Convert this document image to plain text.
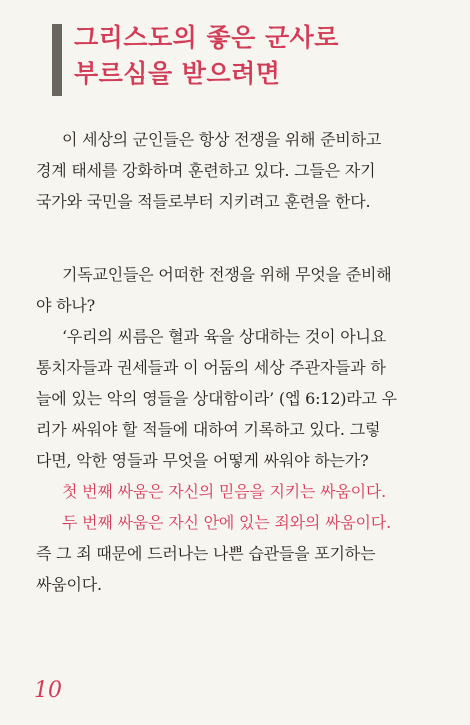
그리스도의 좋은 군사로
부르심을 받으려면
이 세상의 군인들은 항상 전쟁을 위해 준비하고
경계 태세를 강화하며 훈련하고 있다. 그들은 자기
국가와 국민을 적들로부터 지키려고 훈련을 한다.
기독교인들은 어떠한 전쟁을 위해 무엇을 준비해
야 하나?
‘우리의 씨름은 혈과 육을 상대하는 것이 아니요
통치자들과 권세들과 이 어둠의 세상 주관자들과 하
늘에 있는 악의 영들을 상대함이라’ (엡 6:12)라고 우
리가 싸워야 할 적들에 대하여 기록하고 있다. 그렇
다면, 악한 영들과 무엇을 어떻게 싸워야 하는가?
첫 번째 싸움은 자신의 믿음을 지키는 싸움이다.
두 번째 싸움은 자신 안에 있는 죄와의 싸움이다.
즉 그 죄 때문에 드러나는 나쁜 습관들을 포기하는
싸움이다.
10
